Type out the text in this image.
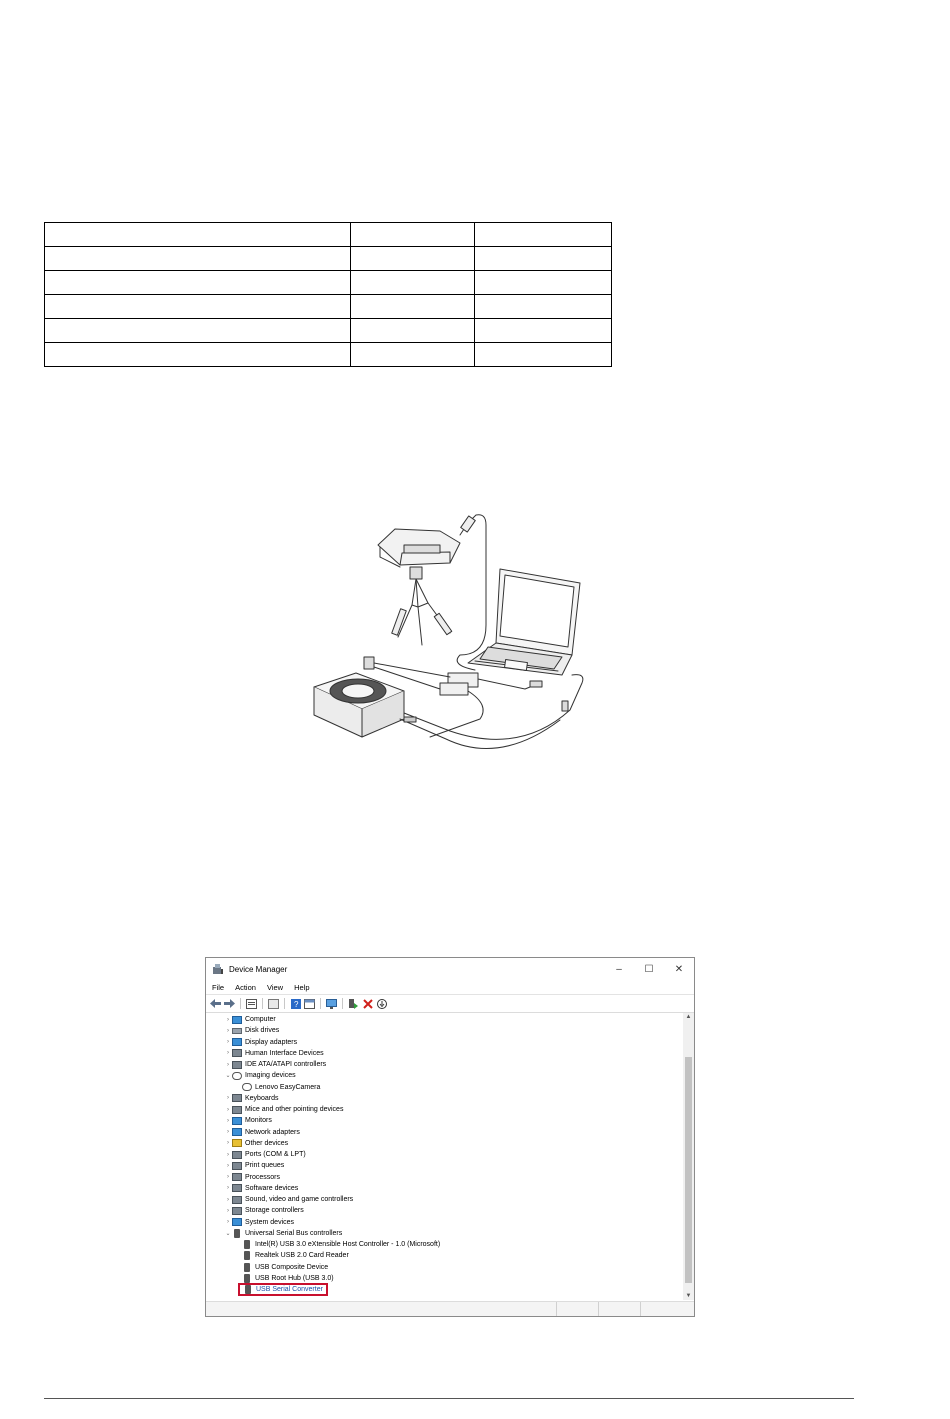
Device Manager	–	☐	✕
File Action View Help
?
›	Computer
›	Disk drives
›	Display adapters
›	Human Interface Devices
›	IDE ATA/ATAPI controllers
⌄ Imaging devices
Lenovo EasyCamera
›	Keyboards
›	Mice and other pointing devices
›	Monitors
›	Network adapters
›	Other devices
›	Ports (COM & LPT)
›	Print queues
›	Processors
›	Software devices
›	Sound, video and game controllers
›	Storage controllers
›	System devices
⌄ Universal Serial Bus controllers
Intel(R) USB 3.0 eXtensible Host Controller - 1.0 (Microsoft)
Realtek USB 2.0 Card Reader
USB Composite Device
USB Root Hub (USB 3.0)
USB Serial Converter
▲
▼
